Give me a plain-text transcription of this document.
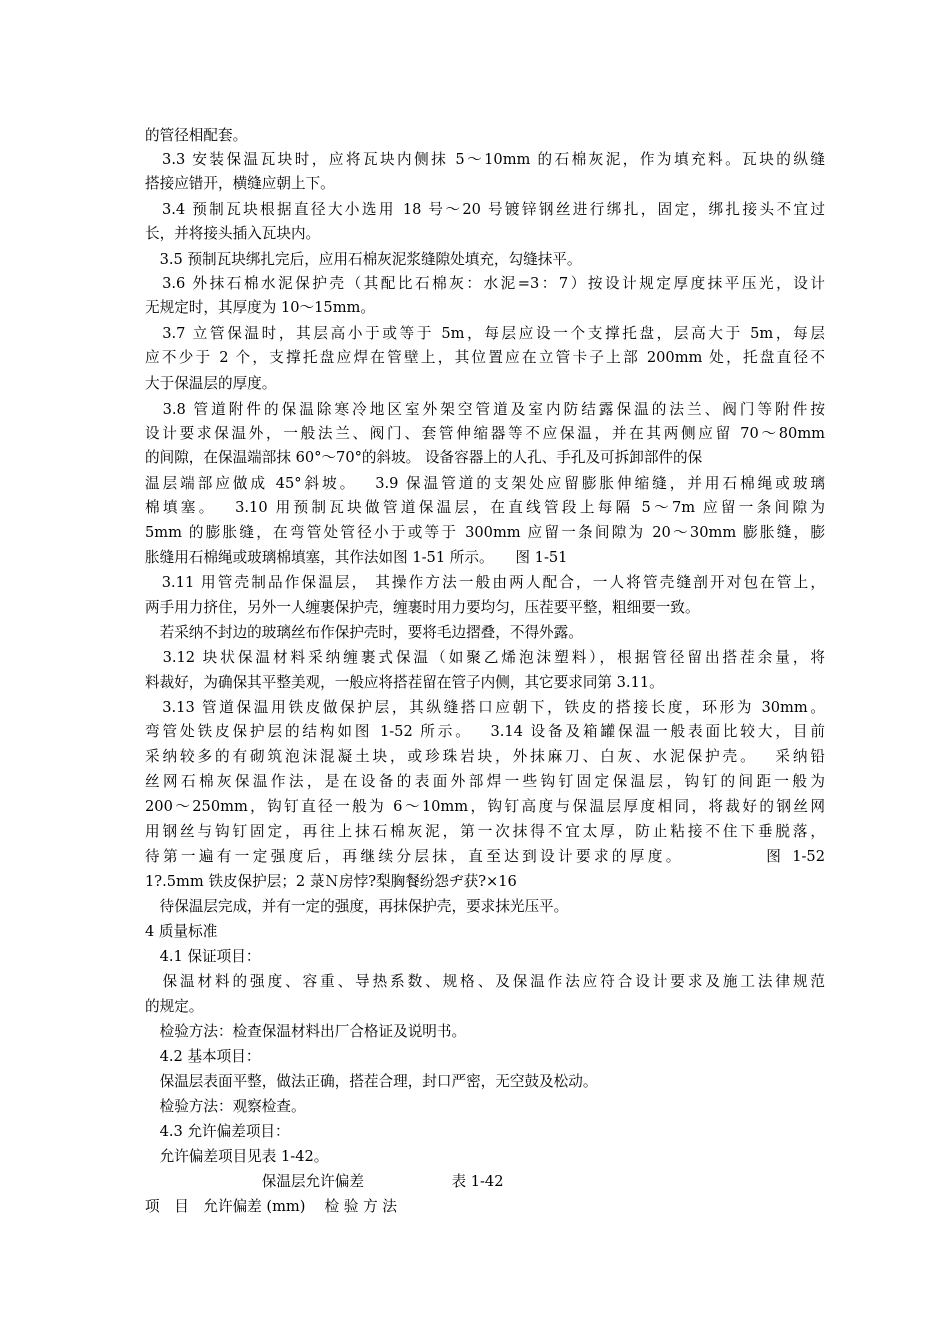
的管径相配套。
　3.3 安装保温瓦块时，应将瓦块内侧抹 5～10mm 的石棉灰泥，作为填充料。瓦块的纵缝
搭接应错开，横缝应朝上下。
　3.4 预制瓦块根据直径大小选用 18 号～20 号镀锌钢丝进行绑扎，固定，绑扎接头不宜过
长，并将接头插入瓦块内。
　3.5 预制瓦块绑扎完后，应用石棉灰泥浆缝隙处填充，勾缝抹平。
　3.6 外抹石棉水泥保护壳（其配比石棉灰：水泥=3：7）按设计规定厚度抹平压光，设计
无规定时，其厚度为 10～15mm。
　3.7 立管保温时，其层高小于或等于 5m，每层应设一个支撑托盘，层高大于 5m，每层
应不少于 2 个，支撑托盘应焊在管壁上，其位置应在立管卡子上部 200mm 处，托盘直径不
大于保温层的厚度。
　3.8 管道附件的保温除寒冷地区室外架空管道及室内防结露保温的法兰、阀门等附件按
设计要求保温外，一般法兰、阀门、套管伸缩器等不应保温，并在其两侧应留 70～80mm
的间隙，在保温端部抹 60°～70°的斜坡。 设备容器上的人孔、手孔及可拆卸部件的保
温层端部应做成 45°斜坡。　 3.9 保温管道的支架处应留膨胀伸缩缝，并用石棉绳或玻璃
棉填塞。　 3.10 用预制瓦块做管道保温层，在直线管段上每隔 5～7m 应留一条间隙为
5mm 的膨胀缝，在弯管处管径小于或等于 300mm 应留一条间隙为 20～30mm 膨胀缝，膨
胀缝用石棉绳或玻璃棉填塞，其作法如图 1-51 所示。　　图 1-51
　3.11 用管壳制品作保温层， 其操作方法一般由两人配合，一人将管壳缝剖开对包在管上，
两手用力挤住，另外一人缠裹保护壳，缠裹时用力要均匀，压茬要平整，粗细要一致。
　若采纳不封边的玻璃丝布作保护壳时，要将毛边摺叠，不得外露。
　3.12 块状保温材料采纳缠裹式保温（如聚乙烯泡沫塑料），根据管径留出搭茬余量，将
料裁好，为确保其平整美观，一般应将搭茬留在管子内侧，其它要求同第 3.11。
　3.13 管道保温用铁皮做保护层，其纵缝搭口应朝下，铁皮的搭接长度，环形为 30mm。
弯管处铁皮保护层的结构如图 1-52 所示。　 3.14 设备及箱罐保温一般表面比较大，目前
采纳较多的有砌筑泡沫混凝土块，或珍珠岩块，外抹麻刀、白灰、水泥保护壳。　 采纳铅
丝网石棉灰保温作法，是在设备的表面外部焊一些钩钉固定保温层，钩钉的间距一般为
200～250mm，钩钉直径一般为 6～10mm，钩钉高度与保温层厚度相同，将裁好的钢丝网
用钢丝与钩钉固定，再往上抹石棉灰泥，第一次抹得不宜太厚，防止粘接不住下垂脱落，
待第一遍有一定强度后，再继续分层抹，直至达到设计要求的厚度。　　　　　图 1-52
1?.5mm 铁皮保护层；2 菉Ｎ房悖?梨胸餐纷怨ヂ获?×16
　待保温层完成，并有一定的强度，再抹保护壳，要求抹光压平。
4 质量标准
　4.1 保证项目：
　保温材料的强度、容重、导热系数、规格、及保温作法应符合设计要求及施工法律规范
的规定。
　检验方法：检查保温材料出厂合格证及说明书。
　4.2 基本项目：
　保温层表面平整，做法正确，搭茬合理，封口严密，无空鼓及松动。
　检验方法：观察检查。
　4.3 允许偏差项目：
　允许偏差项目见表 1-42。
　　　　　　　　保温层允许偏差　　　　　　表 1-42
项　目　允许偏差 (mm)　 检 验 方 法
